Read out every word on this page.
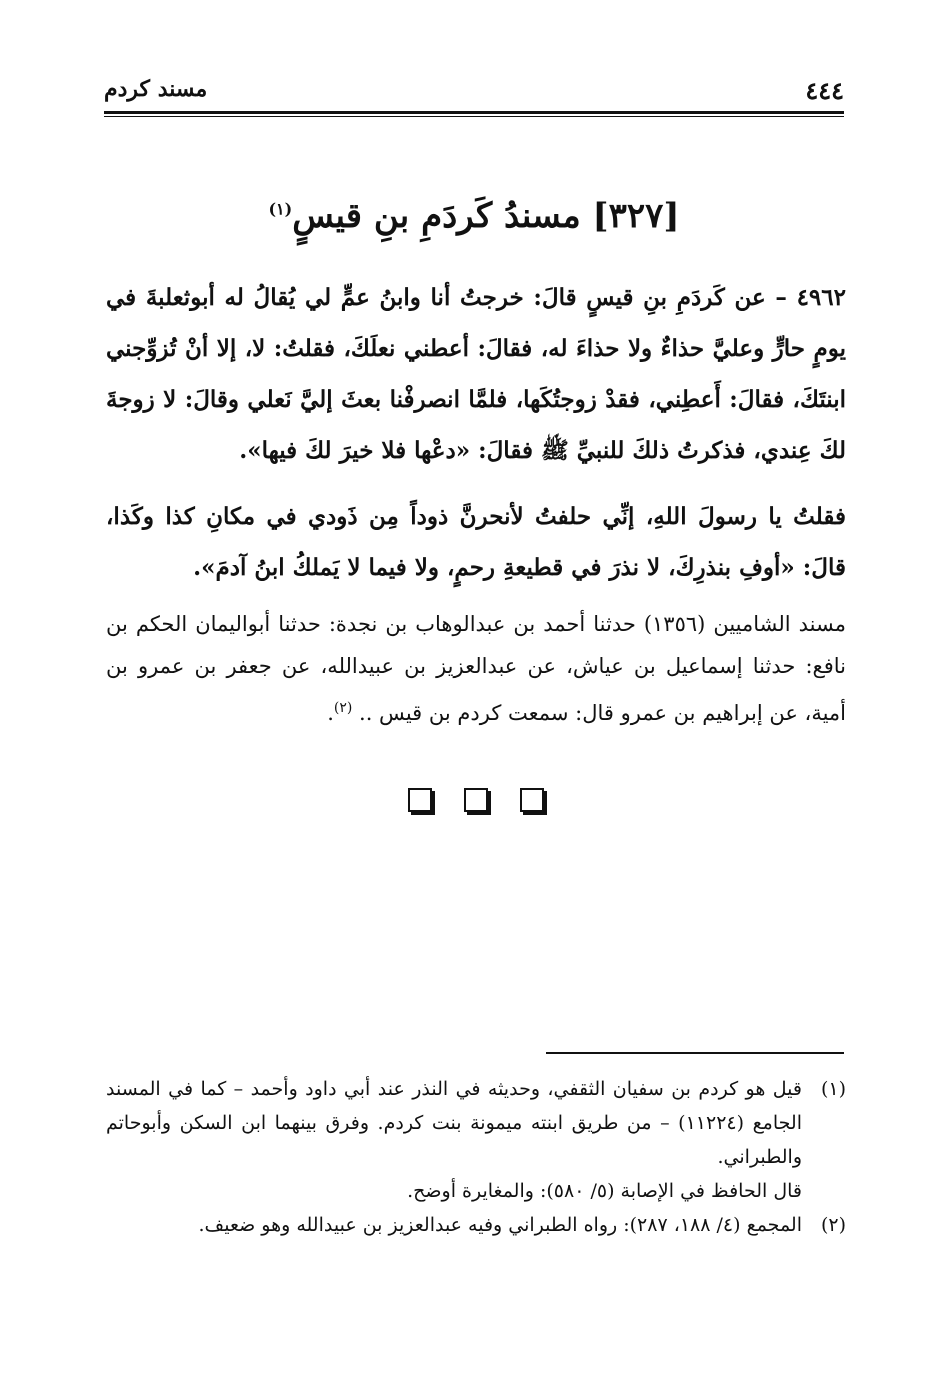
٤٤٤
مسند كردم
[٣٢٧] مسندُ كَردَمِ بنِ قيسٍ$^{(١)}$

٤٩٦٢ – عن كَردَمِ بنِ قيسٍ قالَ: خرجتُ أنا وابنُ عمٍّ لي يُقالُ له أبوثعلبةَ في يومٍ حارٍّ وعليَّ حذاءٌ ولا حذاءَ له، فقالَ: أعطني نعلَكَ، فقلتُ: لا، إلا أنْ تُزوِّجني ابنتَكَ، فقالَ: أَعطِني، فقدْ زوجتُكَها، فلمَّا انصرفْنا بعثَ إليَّ نَعلي وقالَ: لا زوجةَ لكَ عِندي، فذكرتُ ذلكَ للنبيِّ ﷺ فقالَ: «دعْها فلا خيرَ لكَ فيها».

فقلتُ يا رسولَ اللهِ، إنِّي حلفتُ لأنحرنَّ ذوداً مِن ذَودي في مكانِ كذا وكَذا، قالَ: «أوفِ بنذرِكَ، لا نذرَ في قطيعةِ رحمٍ، ولا فيما لا يَملكُ ابنُ آدمَ».

مسند الشاميين (١٣٥٦) حدثنا أحمد بن عبدالوهاب بن نجدة: حدثنا أبواليمان الحكم بن نافع: حدثنا إسماعيل بن عياش، عن عبدالعزيز بن عبيدالله، عن جعفر بن عمرو بن أمية، عن إبراهيم بن عمرو قال: سمعت كردم بن قيس .. $^{(٢)}$.
(١)
قيل هو كردم بن سفيان الثقفي، وحديثه في النذر عند أبي داود وأحمد – كما في المسند الجامع (١١٢٢٤) – من طريق ابنته ميمونة بنت كردم. وفرق بينهما ابن السكن وأبوحاتم والطبراني.
قال الحافظ في الإصابة (٥/ ٥٨٠): والمغايرة أوضح.
(٢)
المجمع (٤/ ١٨٨، ٢٨٧): رواه الطبراني وفيه عبدالعزيز بن عبيدالله وهو ضعيف.
